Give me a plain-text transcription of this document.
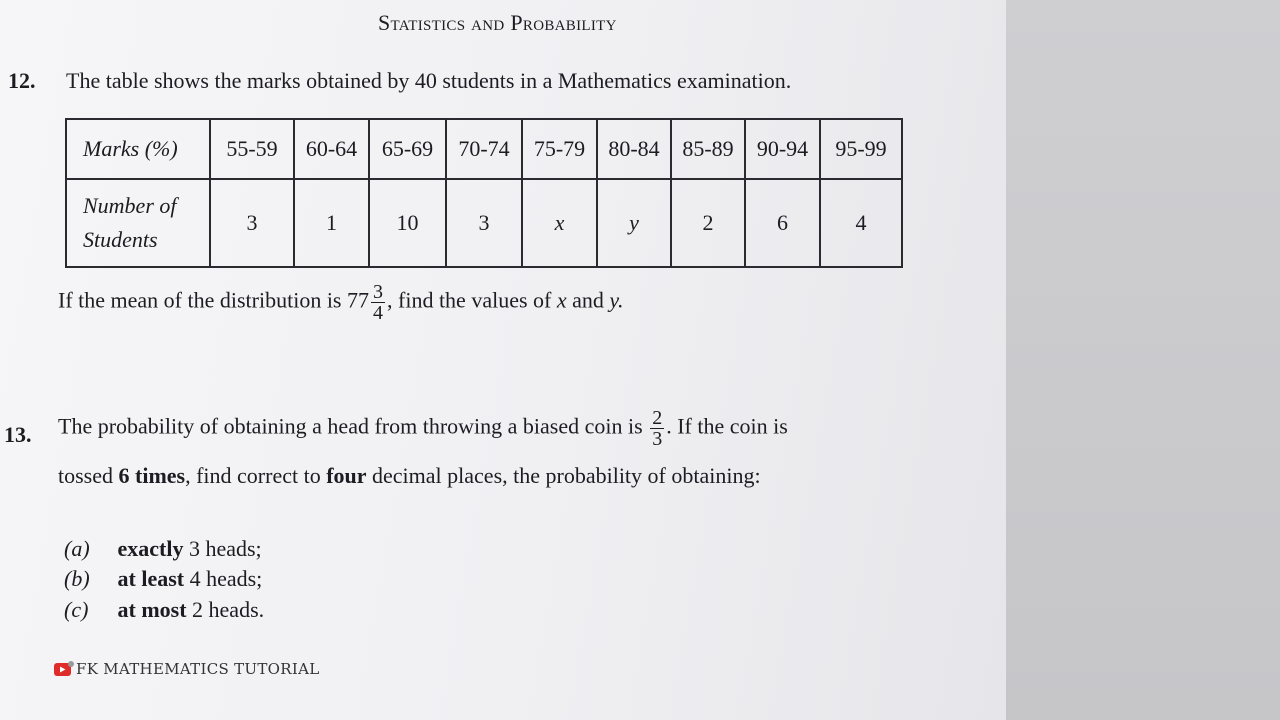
Statistics and Probability
12. The table shows the marks obtained by 40 students in a Mathematics examination.
Marks (%)	55-59	60-64	65-69	70-74	75-79	80-84	85-89	90-94	95-99
Number of
Students	3	1	10	3	x	y	2	6	4
If the mean of the distribution is $77 \frac{3}{4}$ , find the values of x and y.
13. The probability of obtaining a head from throwing a biased coin is $\frac{2}{3}$ . If the coin is
tossed 6 times, find correct to four decimal places, the probability of obtaining:
(a) exactly 3 heads;
(b) at least 4 heads;
(c) at most 2 heads.
FK MATHEMATICS TUTORIAL
